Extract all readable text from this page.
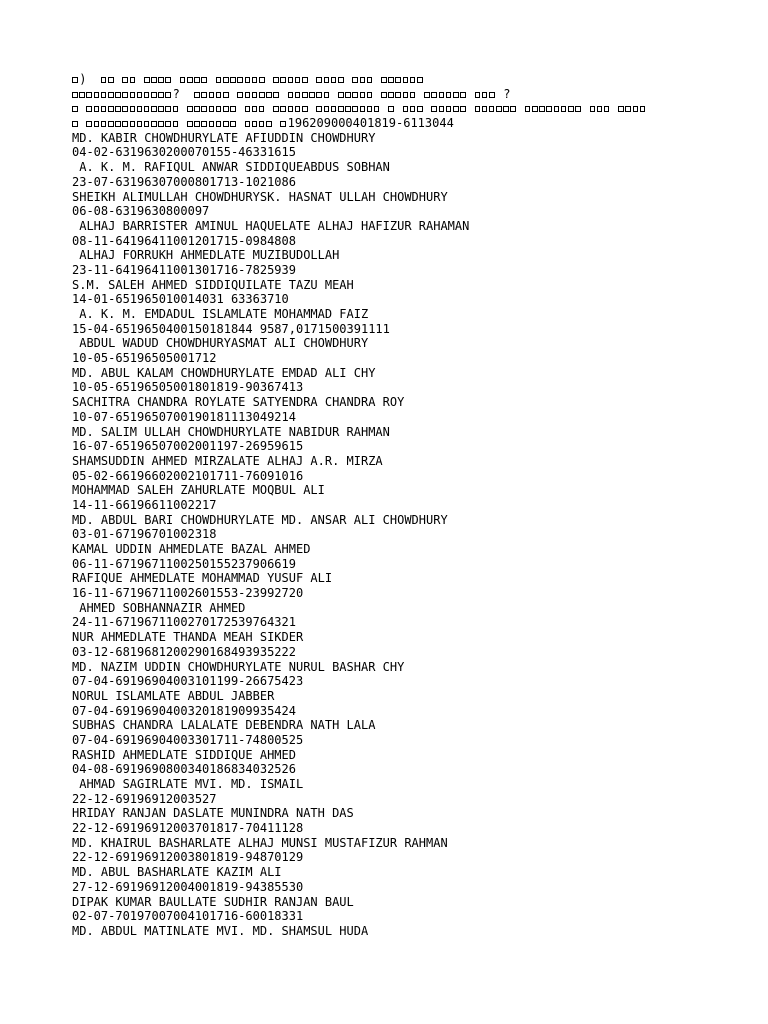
)
?	?
196209000401819-6113044
MD. KABIR CHOWDHURYLATE AFIUDDIN CHOWDHURY
04-02-6319630200070155-46331615
A. K. M. RAFIQUL ANWAR SIDDIQUEABDUS SOBHAN
23-07-63196307000801713-1021086
SHEIKH ALIMULLAH CHOWDHURYSK. HASNAT ULLAH CHOWDHURY
06-08-6319630800097
ALHAJ BARRISTER AMINUL HAQUELATE ALHAJ HAFIZUR RAHAMAN
08-11-64196411001201715-0984808
ALHAJ FORRUKH AHMEDLATE MUZIBUDOLLAH
23-11-64196411001301716-7825939
S.M. SALEH AHMED SIDDIQUILATE TAZU MEAH
14-01-651965010014031 63363710
A. K. M. EMDADUL ISLAMLATE MOHAMMAD FAIZ
15-04-6519650400150181844 9587,0171500391111
ABDUL WADUD CHOWDHURYASMAT ALI CHOWDHURY
10-05-65196505001712
MD. ABUL KALAM CHOWDHURYLATE EMDAD ALI CHY
10-05-65196505001801819-90367413
SACHITRA CHANDRA ROYLATE SATYENDRA CHANDRA ROY
10-07-6519650700190181113049214
MD. SALIM ULLAH CHOWDHURYLATE NABIDUR RAHMAN
16-07-65196507002001197-26959615
SHAMSUDDIN AHMED MIRZALATE ALHAJ A.R. MIRZA
05-02-66196602002101711-76091016
MOHAMMAD SALEH ZAHURLATE MOQBUL ALI
14-11-66196611002217
MD. ABDUL BARI CHOWDHURYLATE MD. ANSAR ALI CHOWDHURY
03-01-67196701002318
KAMAL UDDIN AHMEDLATE BAZAL AHMED
06-11-6719671100250155237906619
RAFIQUE AHMEDLATE MOHAMMAD YUSUF ALI
16-11-67196711002601553-23992720
AHMED SOBHANNAZIR AHMED
24-11-6719671100270172539764321
NUR AHMEDLATE THANDA MEAH SIKDER
03-12-6819681200290168493935222
MD. NAZIM UDDIN CHOWDHURYLATE NURUL BASHAR CHY
07-04-69196904003101199-26675423
NORUL ISLAMLATE ABDUL JABBER
07-04-6919690400320181909935424
SUBHAS CHANDRA LALALATE DEBENDRA NATH LALA
07-04-69196904003301711-74800525
RASHID AHMEDLATE SIDDIQUE AHMED
04-08-6919690800340186834032526
AHMAD SAGIRLATE MVI. MD. ISMAIL
22-12-69196912003527
HRIDAY RANJAN DASLATE MUNINDRA NATH DAS
22-12-69196912003701817-70411128
MD. KHAIRUL BASHARLATE ALHAJ MUNSI MUSTAFIZUR RAHMAN
22-12-69196912003801819-94870129
MD. ABUL BASHARLATE KAZIM ALI
27-12-69196912004001819-94385530
DIPAK KUMAR BAULLATE SUDHIR RANJAN BAUL
02-07-70197007004101716-60018331
MD. ABDUL MATINLATE MVI. MD. SHAMSUL HUDA
